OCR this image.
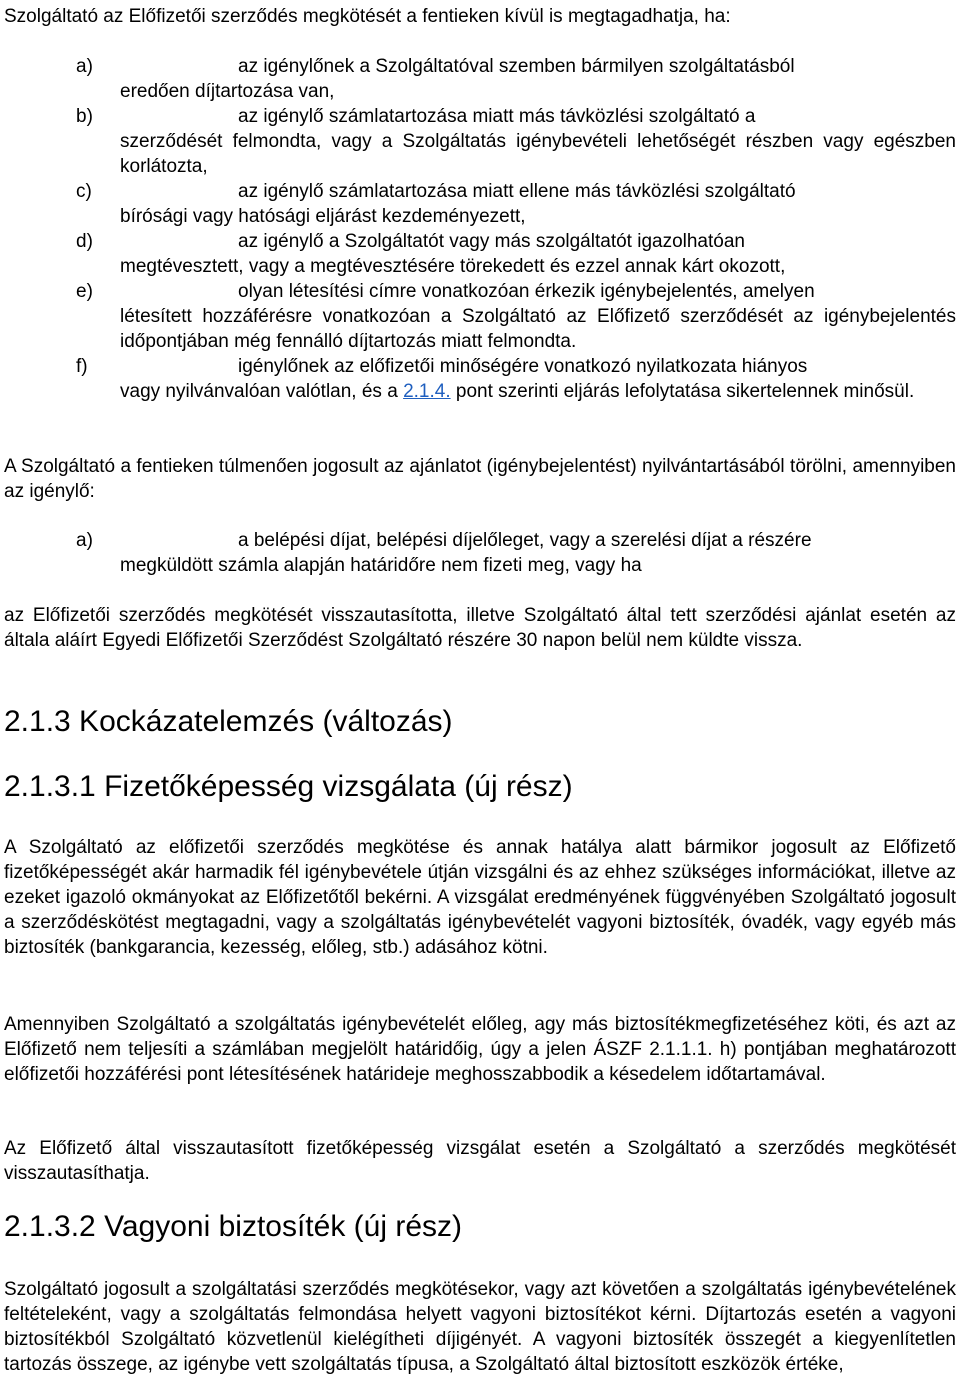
Szolgáltató az Előfizetői szerződés megkötését a fentieken kívül is megtagadhatja, ha:

a)	az igénylőnek a Szolgáltatóval szemben bármilyen szolgáltatásból
eredően díjtartozása van,
b)	az igénylő számlatartozása miatt más távközlési szolgáltató a
szerződését felmondta, vagy a Szolgáltatás igénybevételi lehetőségét részben vagy egészben korlátozta,
c)	az igénylő számlatartozása miatt ellene más távközlési szolgáltató
bírósági vagy hatósági eljárást kezdeményezett,
d)	az igénylő a Szolgáltatót vagy más szolgáltatót igazolhatóan
megtévesztett, vagy a megtévesztésére törekedett és ezzel annak kárt okozott,
e)	olyan létesítési címre vonatkozóan érkezik igénybejelentés, amelyen
létesített hozzáférésre vonatkozóan a Szolgáltató az Előfizető szerződését az igénybejelentés időpontjában még fennálló díjtartozás miatt felmondta.
f)	igénylőnek az előfizetői minőségére vonatkozó nyilatkozata hiányos
vagy nyilvánvalóan valótlan, és a 2.1.4. pont szerinti eljárás lefolytatása sikertelennek minősül.

A Szolgáltató a fentieken túlmenően jogosult az ajánlatot (igénybejelentést) nyilvántartásából törölni, amennyiben az igénylő:

a)	a belépési díjat, belépési díjelőleget, vagy a szerelési díjat a részére
megküldött számla alapján határidőre nem fizeti meg, vagy ha

az Előfizetői szerződés megkötését visszautasította, illetve Szolgáltató által tett szerződési ajánlat esetén az általa aláírt Egyedi Előfizetői Szerződést Szolgáltató részére 30 napon belül nem küldte vissza.

2.1.3 Kockázatelemzés (változás)
2.1.3.1 Fizetőképesség vizsgálata (új rész)

A Szolgáltató az előfizetői szerződés megkötése és annak hatálya alatt bármikor jogosult az Előfizető fizetőképességét akár harmadik fél igénybevétele útján vizsgálni és az ehhez szükséges információkat, illetve az ezeket igazoló okmányokat az Előfizetőtől bekérni. A vizsgálat eredményének függvényében Szolgáltató jogosult a szerződéskötést megtagadni, vagy a szolgáltatás igénybevételét vagyoni biztosíték, óvadék, vagy egyéb más biztosíték (bankgarancia, kezesség, előleg, stb.) adásához kötni.

Amennyiben Szolgáltató a szolgáltatás igénybevételét előleg, agy más biztosítékmegfizetéséhez köti, és azt az Előfizető nem teljesíti a számlában megjelölt határidőig, úgy a jelen ÁSZF 2.1.1.1. h) pontjában meghatározott előfizetői hozzáférési pont létesítésének határideje meghosszabbodik a késedelem időtartamával.

Az Előfizető által visszautasított fizetőképesség vizsgálat esetén a Szolgáltató a szerződés megkötését visszautasíthatja.

2.1.3.2 Vagyoni biztosíték (új rész)

Szolgáltató jogosult a szolgáltatási szerződés megkötésekor, vagy azt követően a szolgáltatás igénybevételének feltételeként, vagy a szolgáltatás felmondása helyett vagyoni biztosítékot kérni. Díjtartozás esetén a vagyoni biztosítékból Szolgáltató közvetlenül kielégítheti díjigényét. A vagyoni biztosíték összegét a kiegyenlítetlen tartozás összege, az igénybe vett szolgáltatás típusa, a Szolgáltató által biztosított eszközök értéke,
